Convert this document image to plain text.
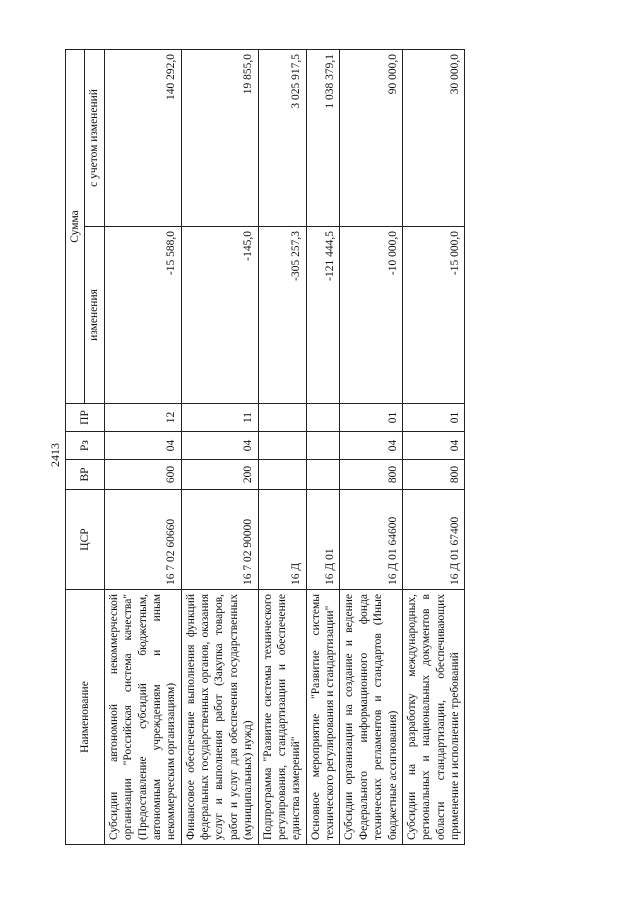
2413
Наименование	ЦСР	ВР	Рз	ПР	Сумма	
					изменения	с учетом изменений
Субсидии автономной некоммерческой организации "Российская система качества" (Предоставление субсидий бюджетным, автономным учреждениям и иным некоммерческим организациям)	16 7 02 60660	600	04	12	-15 588,0	140 292,0
Финансовое обеспечение выполнения функций федеральных государственных органов, оказания услуг и выполнения работ (Закупка товаров, работ и услуг для обеспечения государственных (муниципальных) нужд)	16 7 02 90000	200	04	11	-145,0	19 855,0
Подпрограмма "Развитие системы технического регулирования, стандартизации и обеспечение единства измерений"	16 Д				-305 257,3	3 025 917,5
Основное мероприятие "Развитие системы технического регулирования и стандартизации"	16 Д 01				-121 444,5	1 038 379,1
Субсидии организации на создание и ведение Федерального информационного фонда технических регламентов и стандартов (Иные бюджетные ассигнования)	16 Д 01 64600	800	04	01	-10 000,0	90 000,0
Субсидии на разработку международных, региональных и национальных документов в области стандартизации, обеспечивающих применение и исполнение требований	16 Д 01 67400	800	04	01	-15 000,0	30 000,0
